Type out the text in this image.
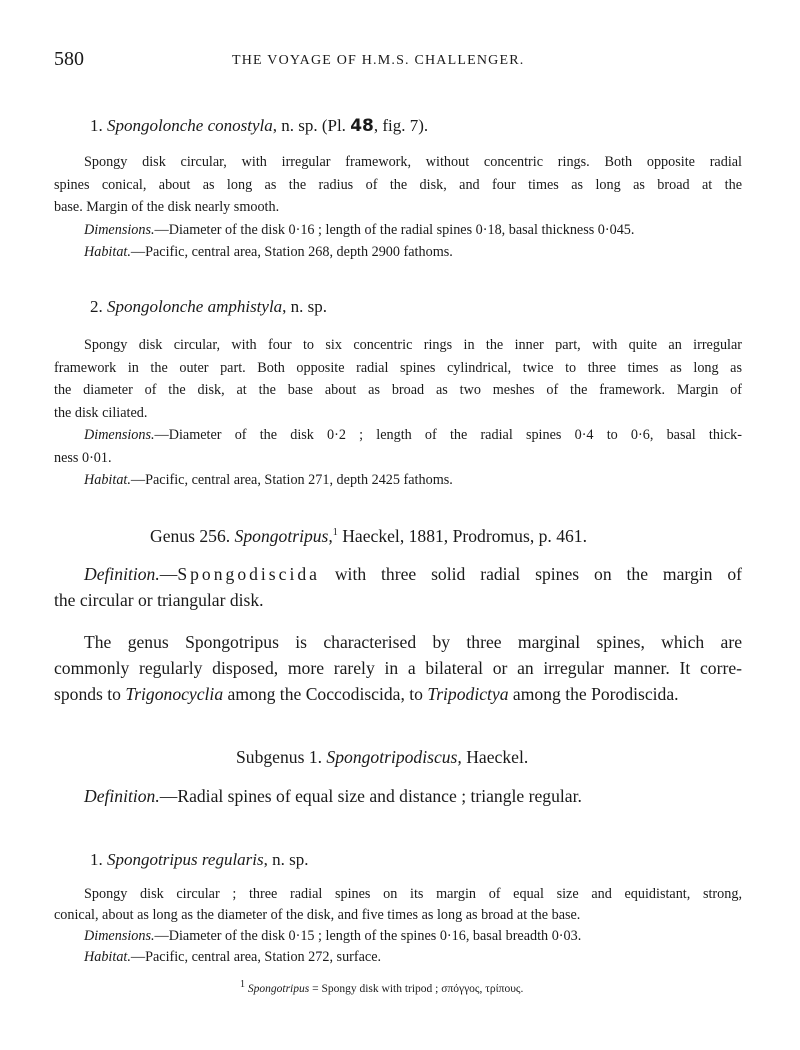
580	THE VOYAGE OF H.M.S. CHALLENGER.
1. Spongolonche conostyla, n. sp. (Pl. 48, fig. 7).
Spongy disk circular, with irregular framework, without concentric rings. Both opposite radial
spines conical, about as long as the radius of the disk, and four times as long as broad at the
base. Margin of the disk nearly smooth.
Dimensions.—Diameter of the disk 0·16 ; length of the radial spines 0·18, basal thickness 0·045.
Habitat.—Pacific, central area, Station 268, depth 2900 fathoms.
2. Spongolonche amphistyla, n. sp.
Spongy disk circular, with four to six concentric rings in the inner part, with quite an irregular
framework in the outer part. Both opposite radial spines cylindrical, twice to three times as long as
the diameter of the disk, at the base about as broad as two meshes of the framework. Margin of
the disk ciliated.
Dimensions.—Diameter of the disk 0·2 ; length of the radial spines 0·4 to 0·6, basal thick-
ness 0·01.
Habitat.—Pacific, central area, Station 271, depth 2425 fathoms.
Genus 256. Spongotripus,$^1$ Haeckel, 1881, Prodromus, p. 461.
Definition.—Spongodiscida with three solid radial spines on the margin of
the circular or triangular disk.
The genus Spongotripus is characterised by three marginal spines, which are
commonly regularly disposed, more rarely in a bilateral or an irregular manner. It corre-
sponds to Trigonocyclia among the Coccodiscida, to Tripodictya among the Porodiscida.
Subgenus 1. Spongotripodiscus, Haeckel.
Definition.—Radial spines of equal size and distance ; triangle regular.
1. Spongotripus regularis, n. sp.
Spongy disk circular ; three radial spines on its margin of equal size and equidistant, strong,
conical, about as long as the diameter of the disk, and five times as long as broad at the base.
Dimensions.—Diameter of the disk 0·15 ; length of the spines 0·16, basal breadth 0·03.
Habitat.—Pacific, central area, Station 272, surface.
$^1$ Spongotripus = Spongy disk with tripod ; σπόγγος, τρίπους.
